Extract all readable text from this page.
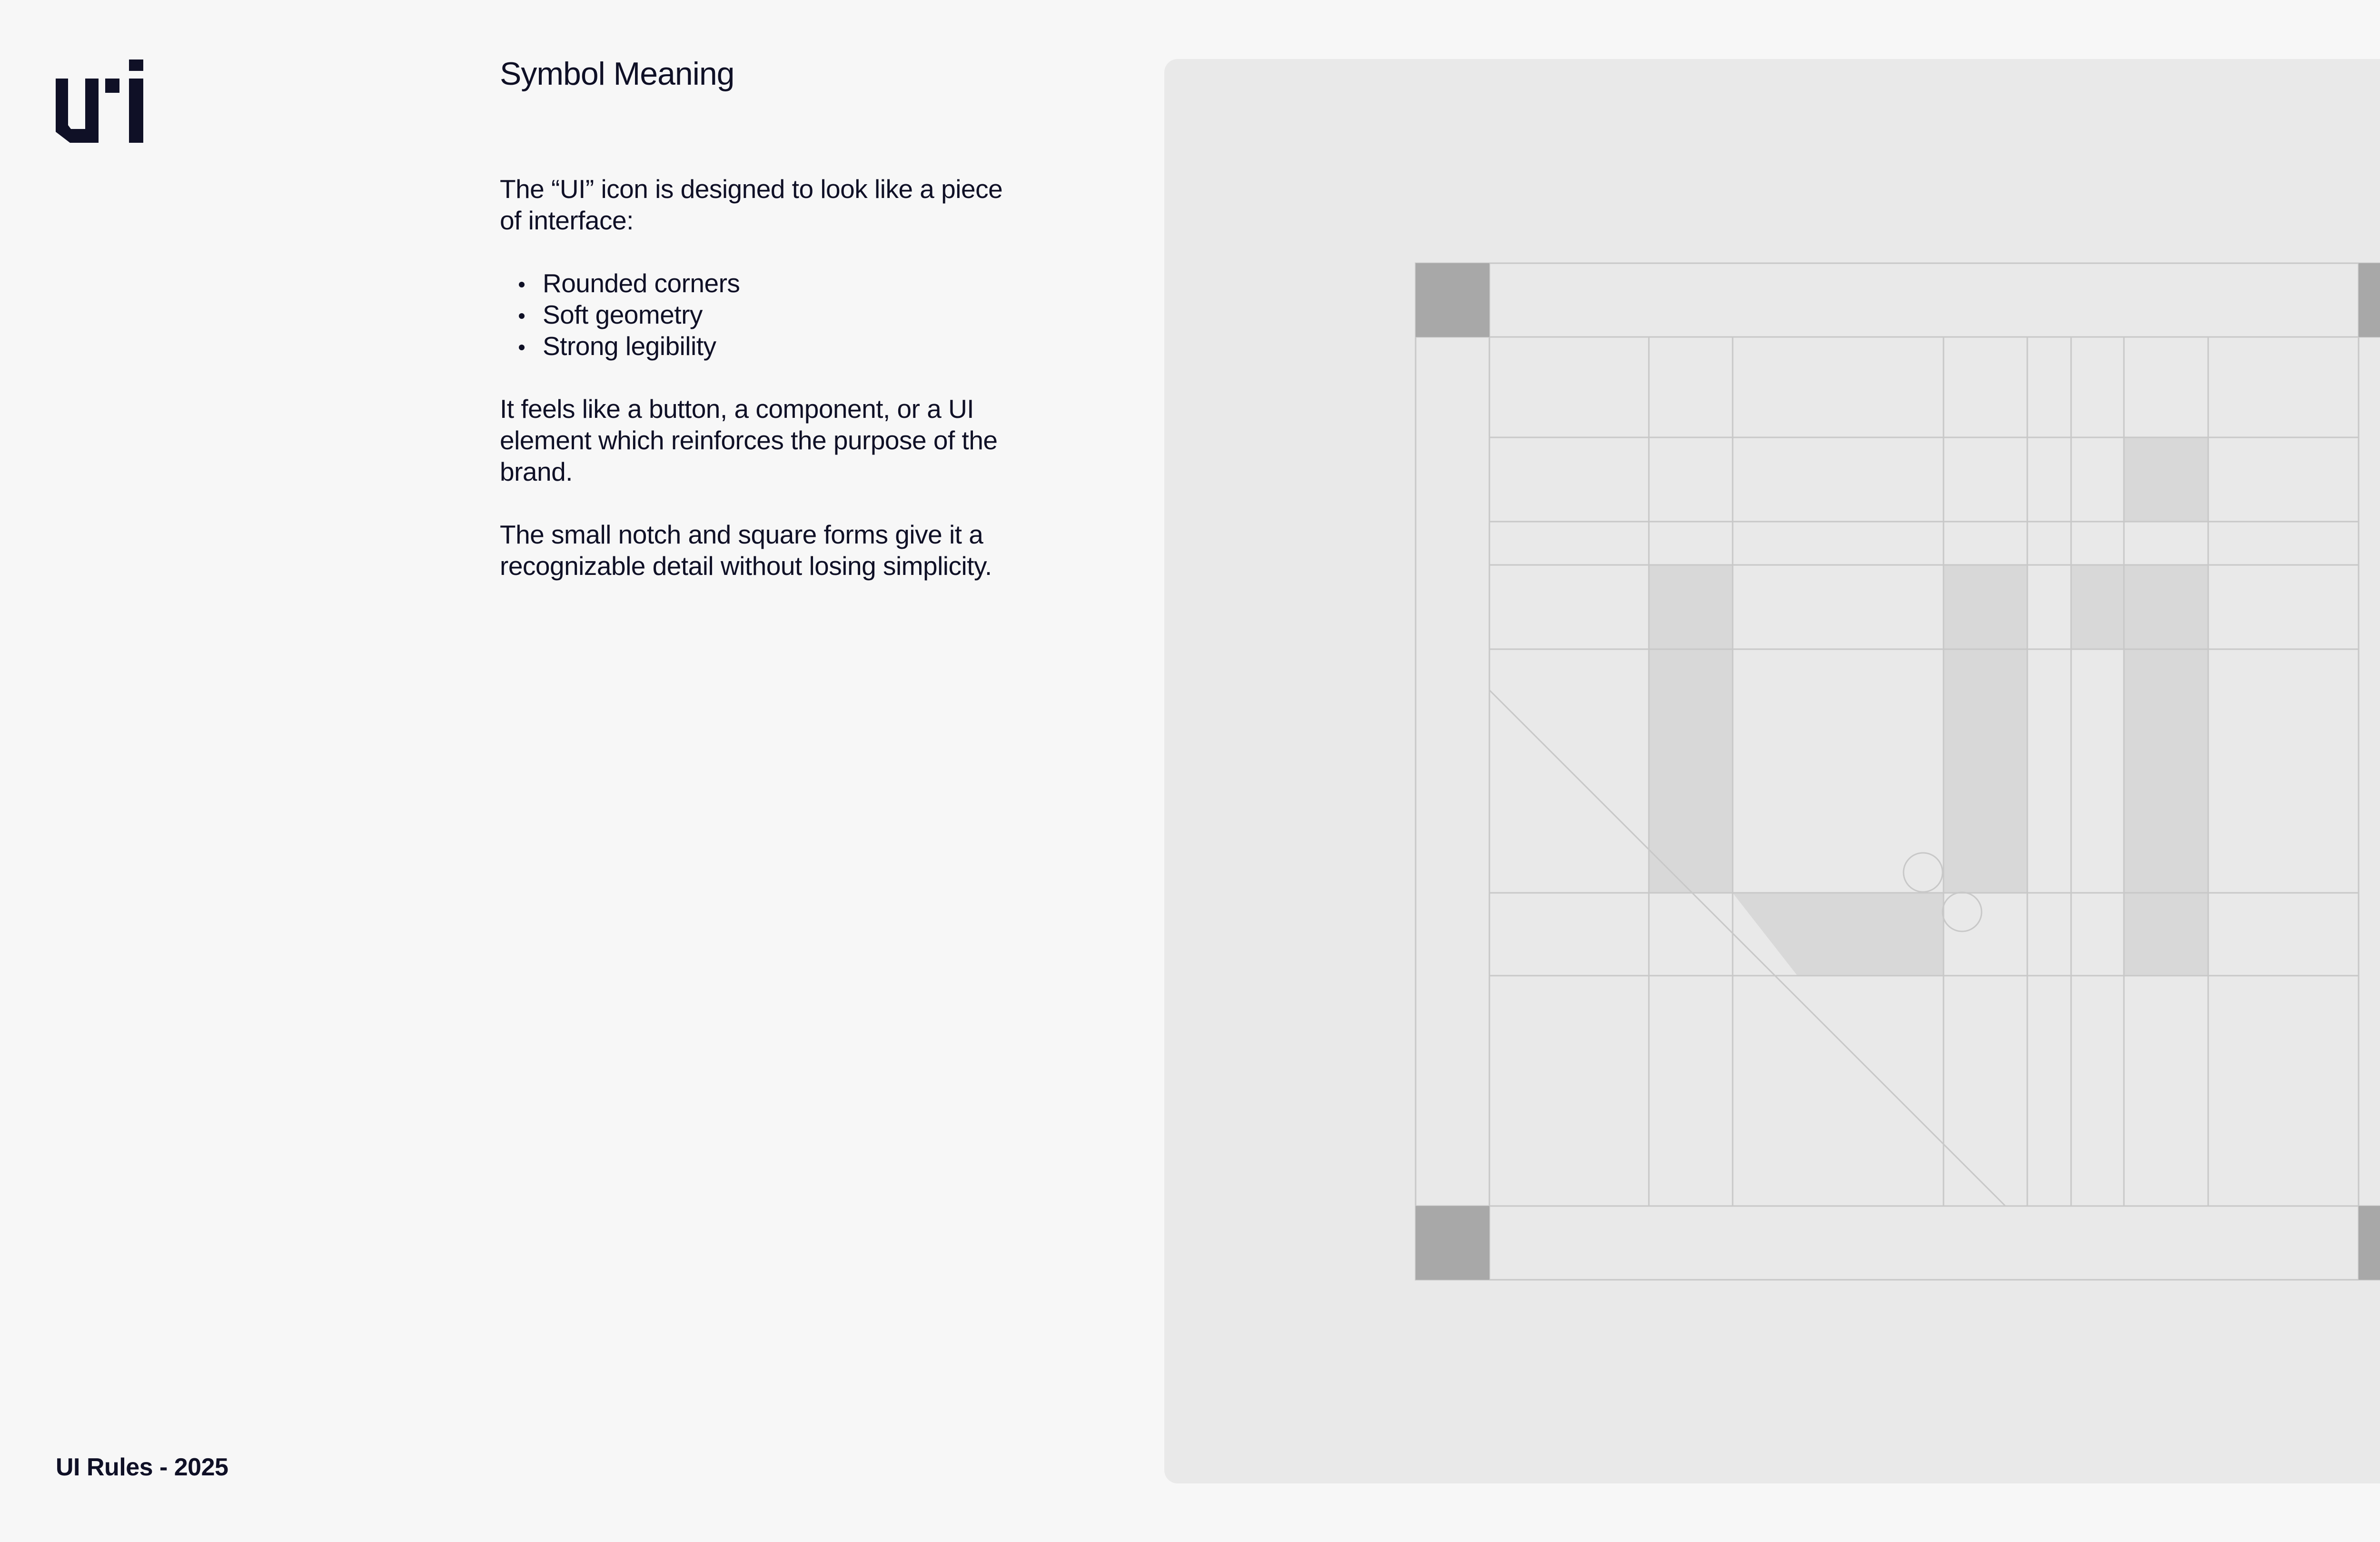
Symbol Meaning

The “UI” icon is designed to look like a piece of interface:

Rounded corners
Soft geometry
Strong legibility

It feels like a button, a component, or a UI element which reinforces the purpose of the brand.

The small notch and square forms give it a recognizable detail without losing simplicity.

UI Rules - 2025
